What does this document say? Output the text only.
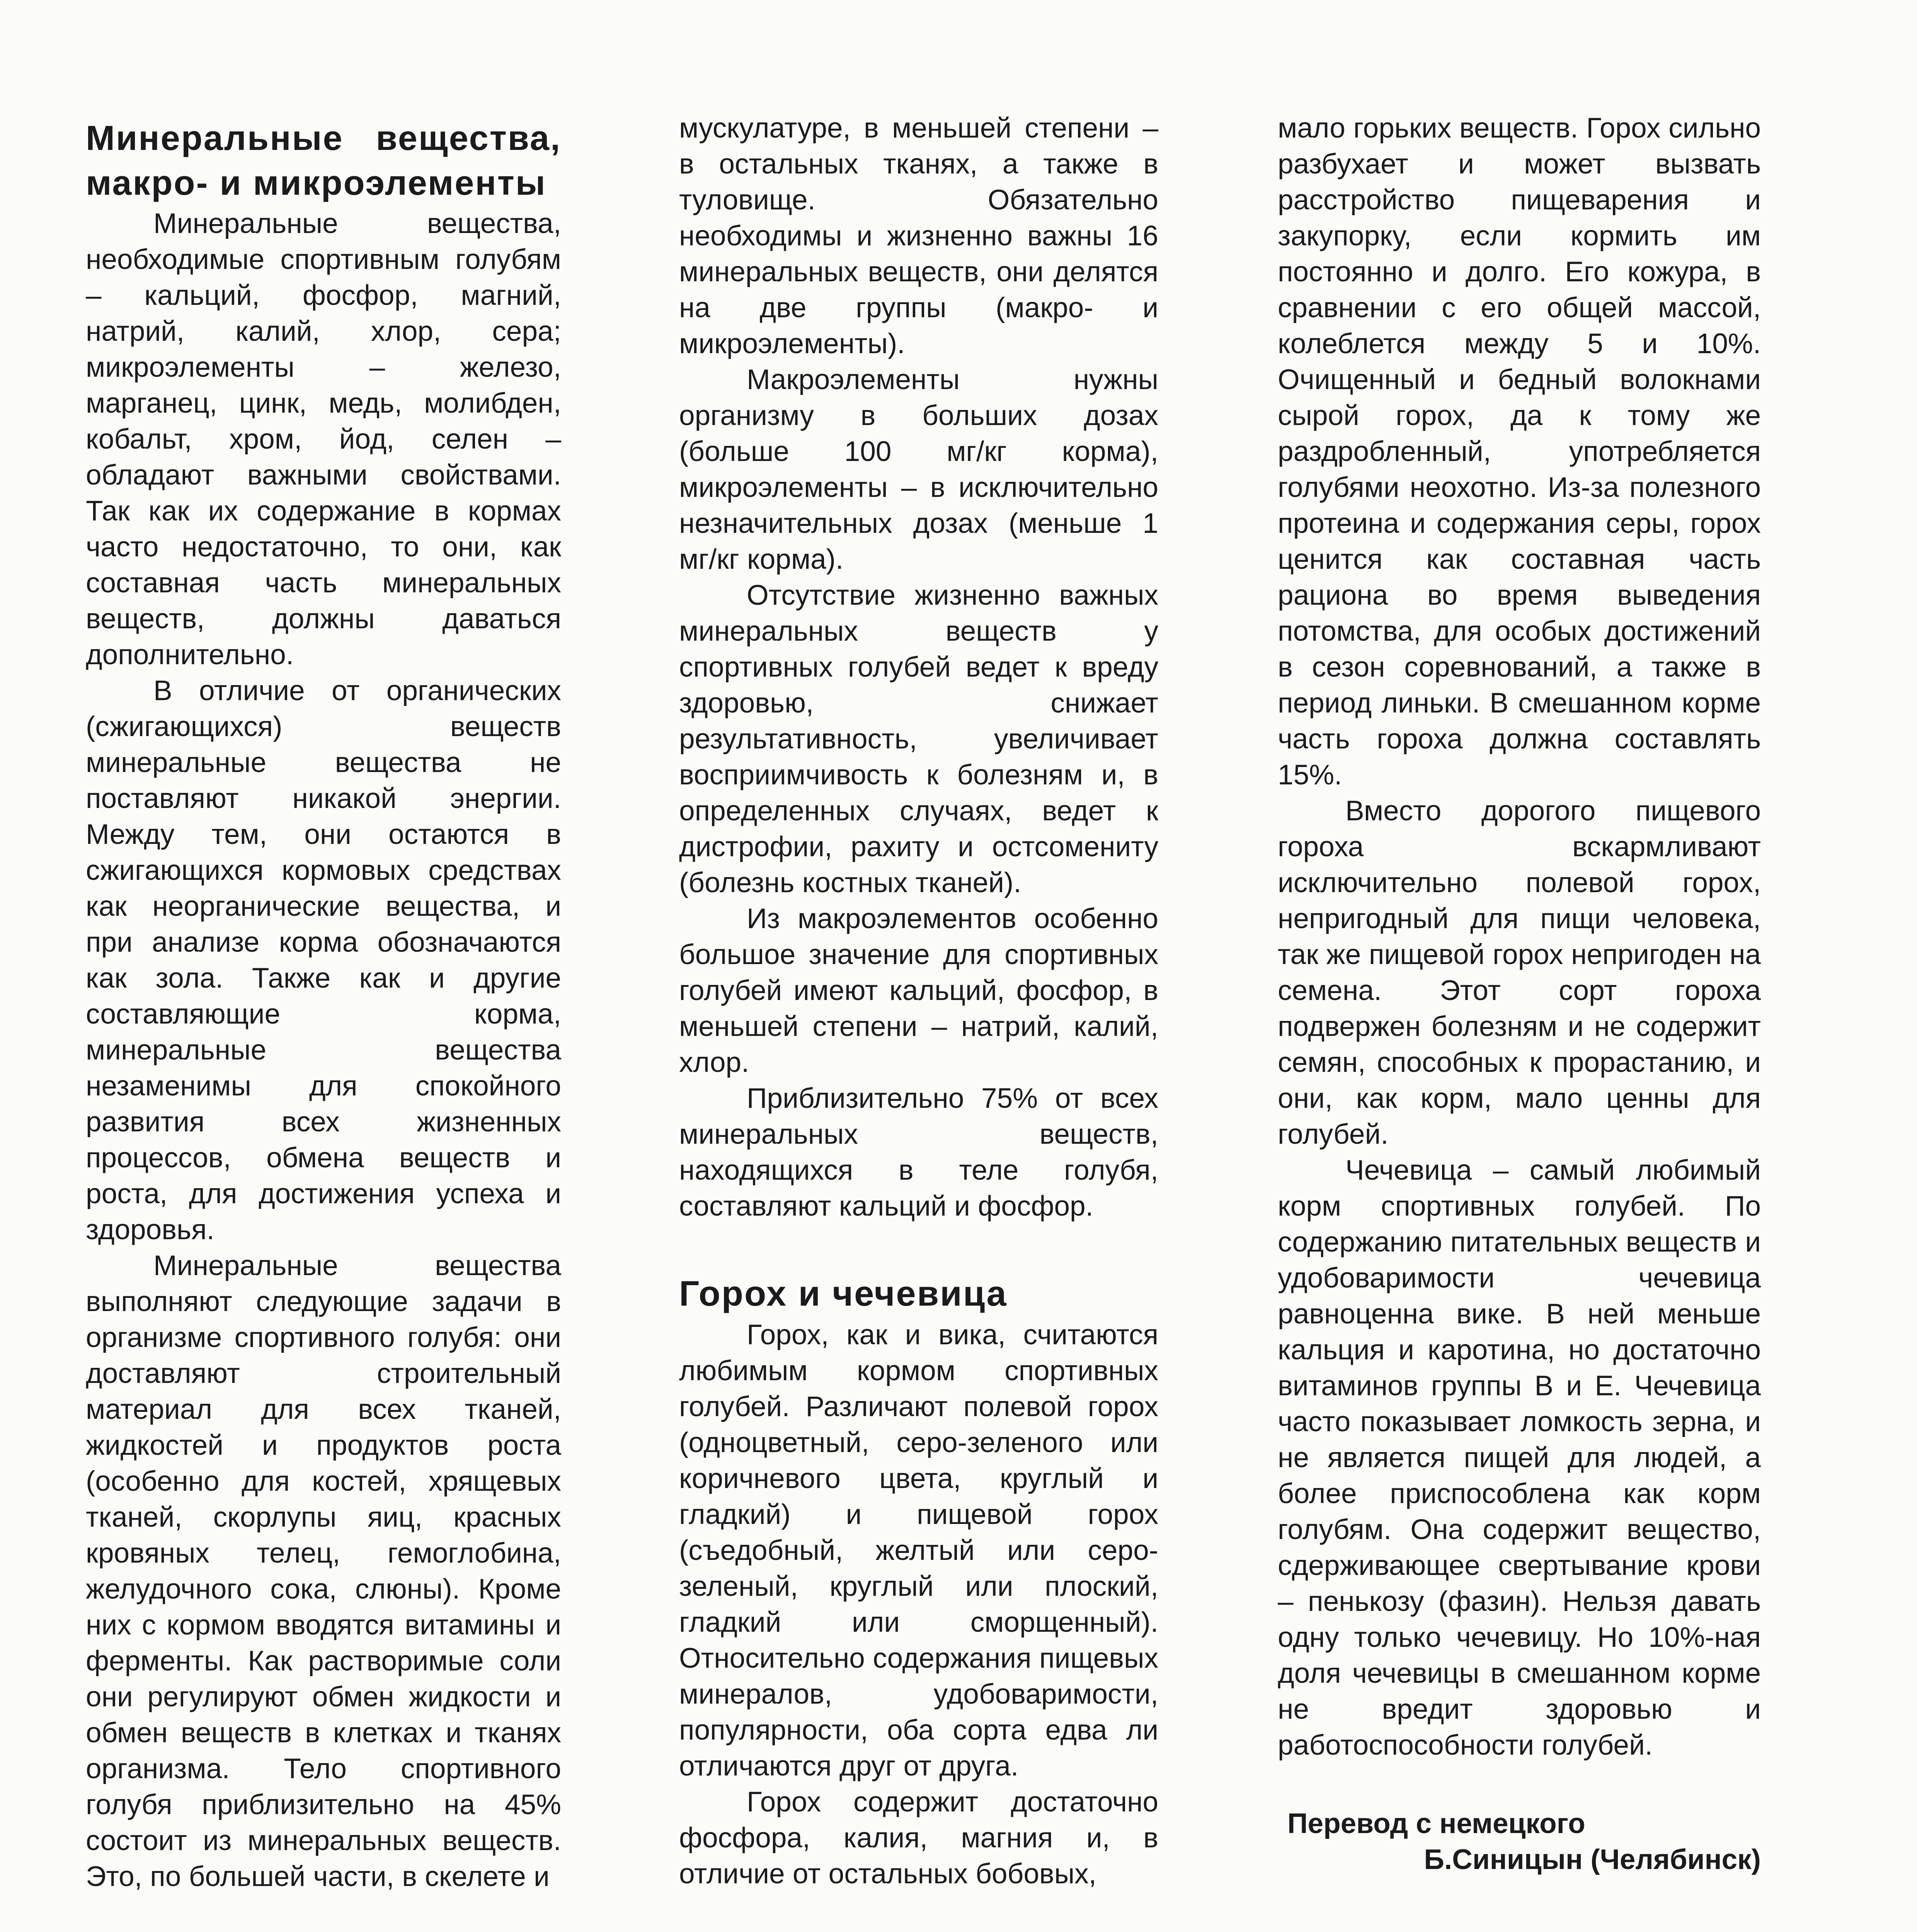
Минеральные вещества, макро- и микроэлементы

Минеральные вещества, необходимые спортивным голубям – кальций, фосфор, магний, натрий, калий, хлор, сера; микроэлементы – железо, марганец, цинк, медь, молибден, кобальт, хром, йод, селен – обладают важными свойствами. Так как их содержание в кормах часто недостаточно, то они, как составная часть минеральных веществ, должны даваться дополнительно.

В отличие от органических (сжигающихся) веществ минеральные вещества не поставляют никакой энергии. Между тем, они остаются в сжигающихся кормовых средствах как неорганические вещества, и при анализе корма обозначаются как зола. Также как и другие составляющие корма, минеральные вещества незаменимы для спокойного развития всех жизненных процессов, обмена веществ и роста, для достижения успеха и здоровья.

Минеральные вещества выполняют следующие задачи в организме спортивного голубя: они доставляют строительный материал для всех тканей, жидкостей и продуктов роста (особенно для костей, хрящевых тканей, скорлупы яиц, красных кровяных телец, гемоглобина, желудочного сока, слюны). Кроме них с кормом вводятся витамины и ферменты. Как растворимые соли они регулируют обмен жидкости и обмен веществ в клетках и тканях организма. Тело спортивного голубя приблизительно на 45% состоит из минеральных веществ. Это, по большей части, в скелете и

мускулатуре, в меньшей степени – в остальных тканях, а также в туловище. Обязательно необходимы и жизненно важны 16 минеральных веществ, они делятся на две группы (макро- и микроэлементы).

Макроэлементы нужны организму в больших дозах (больше 100 мг/кг корма), микроэлементы – в исключительно незначительных дозах (меньше 1 мг/кг корма).

Отсутствие жизненно важных минеральных веществ у спортивных голубей ведет к вреду здоровью, снижает результативность, увеличивает восприимчивость к болезням и, в определенных случаях, ведет к дистрофии, рахиту и остсомениту (болезнь костных тканей).

Из макроэлементов особенно большое значение для спортивных голубей имеют кальций, фосфор, в меньшей степени – натрий, калий, хлор.

Приблизительно 75% от всех минеральных веществ, находящихся в теле голубя, составляют кальций и фосфор.

Горох и чечевица

Горох, как и вика, считаются любимым кормом спортивных голубей. Различают полевой горох (одноцветный, серо-зеленого или коричневого цвета, круглый и гладкий) и пищевой горох (съедобный, желтый или серо-зеленый, круглый или плоский, гладкий или сморщенный). Относительно содержания пищевых минералов, удобоваримости, популярности, оба сорта едва ли отличаются друг от друга.

Горох содержит достаточно фосфора, калия, магния и, в отличие от остальных бобовых,

мало горьких веществ. Горох сильно разбухает и может вызвать расстройство пищеварения и закупорку, если кормить им постоянно и долго. Его кожура, в сравнении с его общей массой, колеблется между 5 и 10%. Очищенный и бедный волокнами сырой горох, да к тому же раздробленный, употребляется голубями неохотно. Из-за полезного протеина и содержания серы, горох ценится как составная часть рациона во время выведения потомства, для особых достижений в сезон соревнований, а также в период линьки. В смешанном корме часть гороха должна составлять 15%.

Вместо дорогого пищевого гороха вскармливают исключительно полевой горох, непригодный для пищи человека, так же пищевой горох непригоден на семена. Этот сорт гороха подвержен болезням и не содержит семян, способных к прорастанию, и они, как корм, мало ценны для голубей.

Чечевица – самый любимый корм спортивных голубей. По содержанию питательных веществ и удобоваримости чечевица равноценна вике. В ней меньше кальция и каротина, но достаточно витаминов группы B и E. Чечевица часто показывает ломкость зерна, и не является пищей для людей, а более приспособлена как корм голубям. Она содержит вещество, сдерживающее свертывание крови – пенькозу (фазин). Нельзя давать одну только чечевицу. Но 10%-ная доля чечевицы в смешанном корме не вредит здоровью и работоспособности голубей.

Перевод с немецкого
Б.Синицын (Челябинск)
